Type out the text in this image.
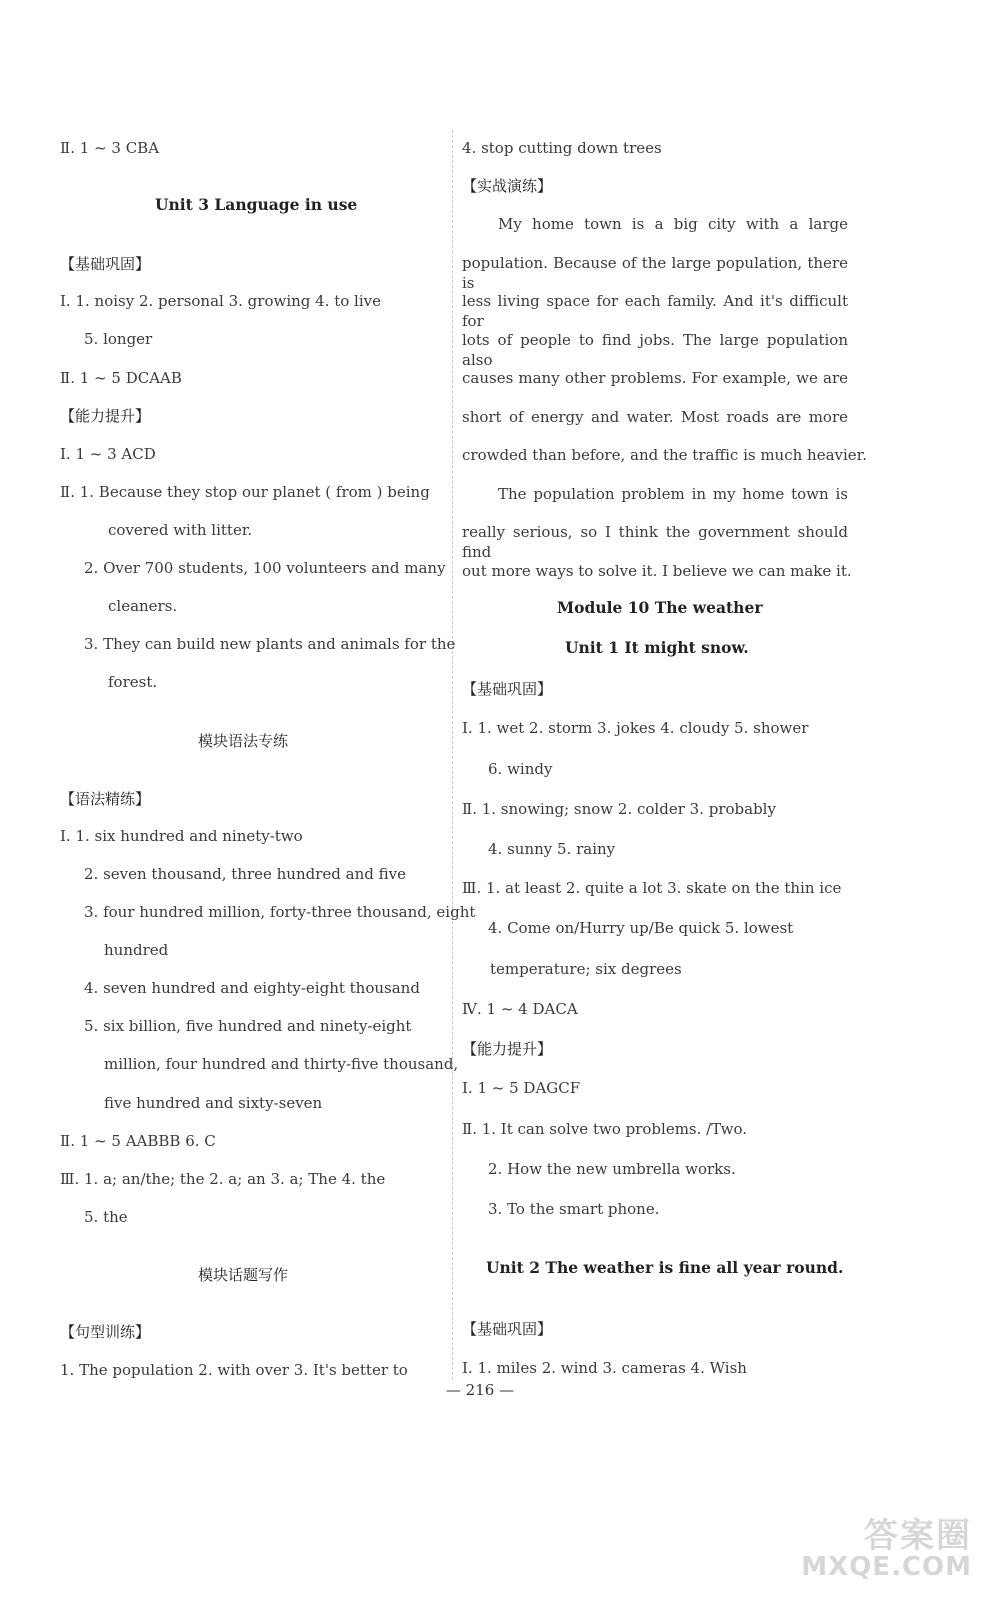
Ⅱ. 1 ~ 3 CBA
Unit 3 Language in use
【基础巩固】
Ⅰ. 1. noisy 2. personal 3. growing 4. to live
5. longer
Ⅱ. 1 ~ 5 DCAAB
【能力提升】
Ⅰ. 1 ~ 3 ACD
Ⅱ. 1. Because they stop our planet ( from ) being
covered with litter.
2. Over 700 students, 100 volunteers and many
cleaners.
3. They can build new plants and animals for the
forest.
模块语法专练
【语法精练】
Ⅰ. 1. six hundred and ninety-two
2. seven thousand, three hundred and five
3. four hundred million, forty-three thousand, eight
hundred
4. seven hundred and eighty-eight thousand
5. six billion, five hundred and ninety-eight
million, four hundred and thirty-five thousand,
five hundred and sixty-seven
Ⅱ. 1 ~ 5 AABBB 6. C
Ⅲ. 1. a; an/the; the 2. a; an 3. a; The 4. the
5. the
模块话题写作
【句型训练】
1. The population 2. with over 3. It's better to
4. stop cutting down trees
【实战演练】
My home town is a big city with a large
population. Because of the large population, there is
less living space for each family. And it's difficult for
lots of people to find jobs. The large population also
causes many other problems. For example, we are
short of energy and water. Most roads are more
crowded than before, and the traffic is much heavier.
The population problem in my home town is
really serious, so I think the government should find
out more ways to solve it. I believe we can make it.
Module 10 The weather
Unit 1 It might snow.
【基础巩固】
Ⅰ. 1. wet 2. storm 3. jokes 4. cloudy 5. shower
6. windy
Ⅱ. 1. snowing; snow 2. colder 3. probably
4. sunny 5. rainy
Ⅲ. 1. at least 2. quite a lot 3. skate on the thin ice
4. Come on/Hurry up/Be quick 5. lowest
temperature; six degrees
Ⅳ. 1 ~ 4 DACA
【能力提升】
Ⅰ. 1 ~ 5 DAGCF
Ⅱ. 1. It can solve two problems. /Two.
2. How the new umbrella works.
3. To the smart phone.
Unit 2 The weather is fine all year round.
【基础巩固】
Ⅰ. 1. miles 2. wind 3. cameras 4. Wish
— 216 —
答案圈
MXQE.COM
